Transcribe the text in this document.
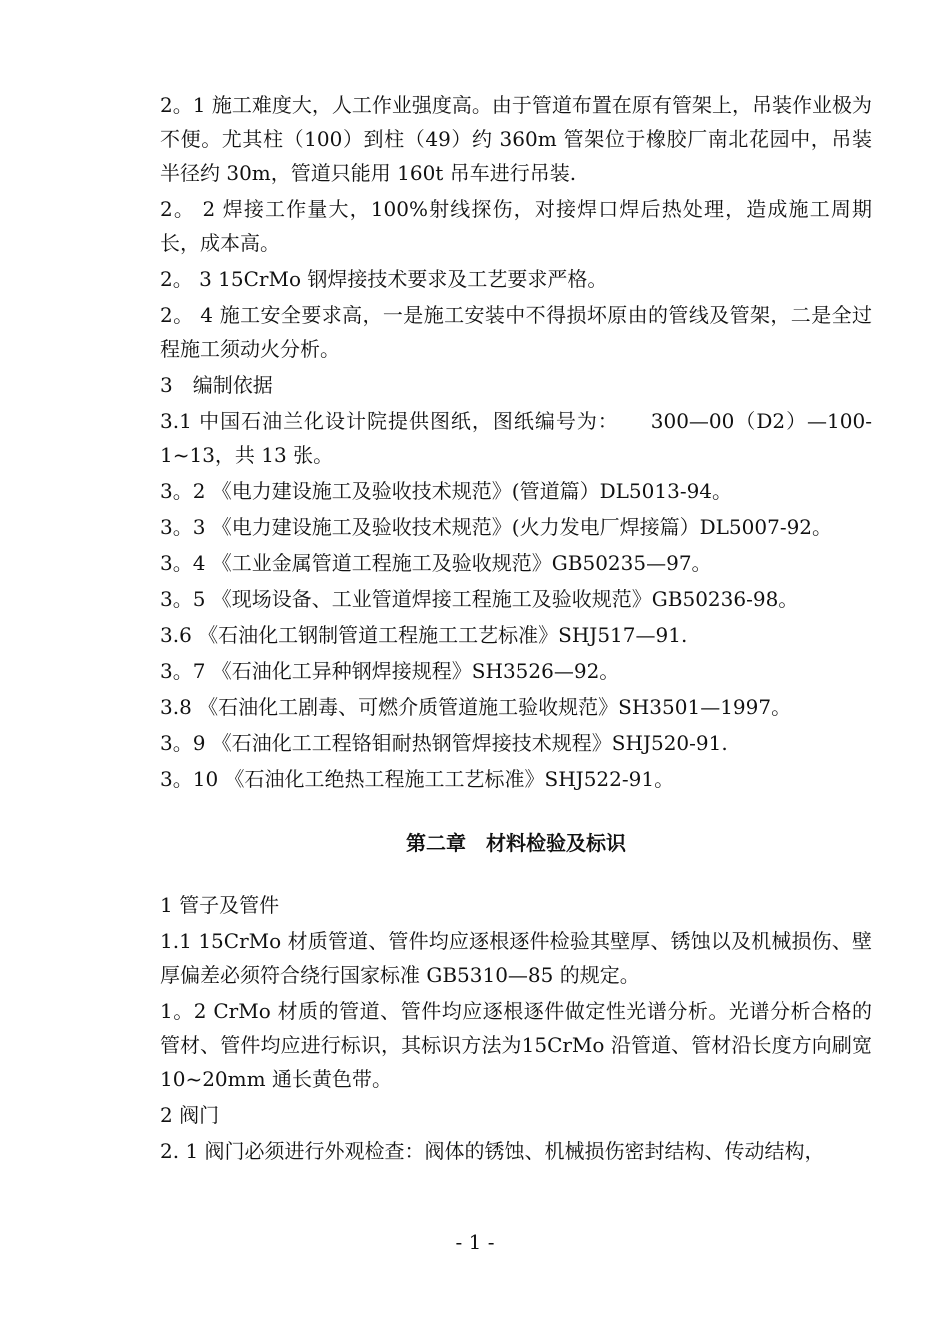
2。1 施工难度大，人工作业强度高。由于管道布置在原有管架上，吊装作业极为不便。尤其柱（100）到柱（49）约 360m 管架位于橡胶厂南北花园中，吊装半径约 30m，管道只能用 160t 吊车进行吊装.

2。 2 焊接工作量大，100%射线探伤，对接焊口焊后热处理，造成施工周期长，成本高。

2。 3 15CrMo 钢焊接技术要求及工艺要求严格。

2。 4 施工安全要求高，一是施工安装中不得损坏原由的管线及管架，二是全过程施工须动火分析。

3　编制依据

3.1 中国石油兰化设计院提供图纸，图纸编号为：　　300—00（D2）—100-1~13，共 13 张。

3。2 《电力建设施工及验收技术规范》(管道篇）DL5013-94。

3。3 《电力建设施工及验收技术规范》(火力发电厂焊接篇）DL5007-92。

3。4 《工业金属管道工程施工及验收规范》GB50235—97。

3。5 《现场设备、工业管道焊接工程施工及验收规范》GB50236-98。

3.6 《石油化工钢制管道工程施工工艺标准》SHJ517—91.

3。7 《石油化工异种钢焊接规程》SH3526—92。

3.8 《石油化工剧毒、可燃介质管道施工验收规范》SH3501—1997。

3。9 《石油化工工程铬钼耐热钢管焊接技术规程》SHJ520-91.

3。10 《石油化工绝热工程施工工艺标准》SHJ522-91。

第二章　材料检验及标识

1 管子及管件

1.1 15CrMo 材质管道、管件均应逐根逐件检验其壁厚、锈蚀以及机械损伤、壁厚偏差必须符合绕行国家标准 GB5310—85 的规定。

1。2 CrMo 材质的管道、管件均应逐根逐件做定性光谱分析。光谱分析合格的管材、管件均应进行标识，其标识方法为15CrMo 沿管道、管材沿长度方向刷宽 10~20mm 通长黄色带。

2 阀门

2. 1 阀门必须进行外观检查：阀体的锈蚀、机械损伤密封结构、传动结构，

- 1 -
